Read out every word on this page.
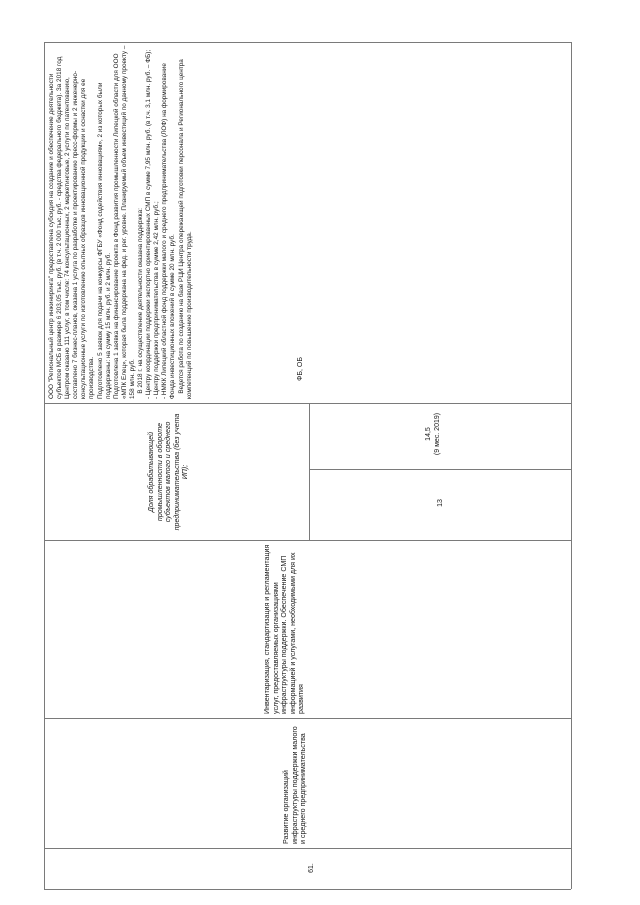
61.
Развитие организаций инфраструктуры поддержки малого и среднего предпринимательства
Инвентаризация, стандартизация и регламентация услуг, предоставляемых организациями инфраструктуры поддержки. Обеспечение СМП информацией и услугами, необходимыми для их развития
Доля обрабатывающей промышленности в обороте субъектов малого и среднего предпринимательства (без учета ИП);
13
14,5 (9 мес. 2019)
ФБ, ОБ
ООО "Региональный центр инжиниринга" предоставлена субсидия на создание и обеспечение деятельности субъектов МСБ в размере 6 203,05 тыс. руб. (в т.ч. 2 000 тыс. руб. - средства федерального бюджета). За 2018 год Центром оказано 111 услуг, в том числе: 74 консультационных, 2 маркетинговые, 2 услуги по патентованию, составлено 7 бизнес-планов, оказана 1 услуга по разработке и проектированию пресс-формы и 2 инженерно-консультационные услуги по изготовлению опытных образцов инновационной продукции и оснастки для ее производства. Подготовлено 5 заявок для подачи на конкурсы ФГБУ «Фонд содействия инновациям», 2 из которых были поддержаны: на сумму 15 млн. руб. и 2 млн. руб. Подготовлена 1 заявка на финансирование проекта в Фонд развития промышленности Липецкой области для ООО «МПК Елец», которая была поддержана на фед. и рег. уровне. Планируемый объем инвестиций по данному проекту – 158 млн. руб. В 2018 г. на осуществление деятельности оказана поддержка: - Центру координации поддержки экспортно ориентированных СМП в сумме 7,95 млн. руб. (в т.ч. 3,1 млн. руб. – ФБ); - Центру поддержки предпринимательства в сумме 2,42 млн. руб.; - НМКК Липецкий областной фонд поддержки малого и среднего предпринимательства (ЛОФ) на формирование Фонда инвестиционных вложений в сумме 20 млн. руб. Ведется работа по созданию на базе РЦИ Центра опережающей подготовки персонала и Регионального центра компетенций по повышению производительности труда.
